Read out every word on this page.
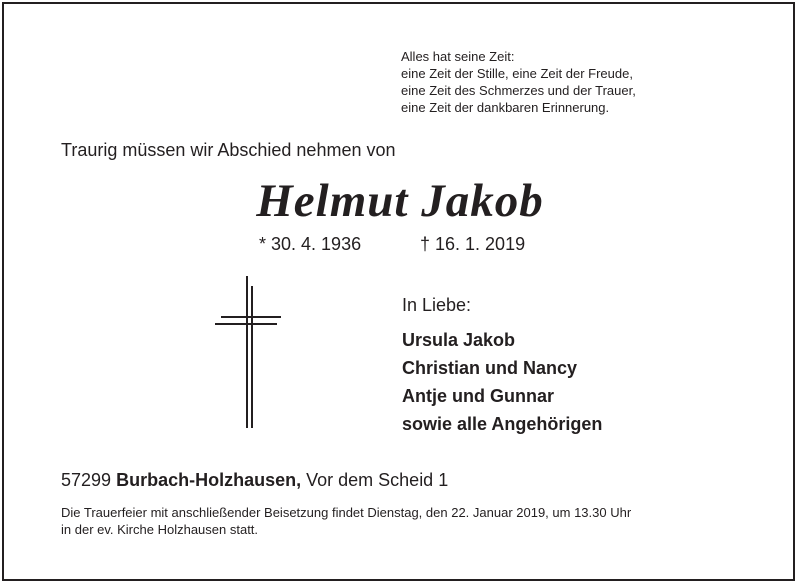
Alles hat seine Zeit:
eine Zeit der Stille, eine Zeit der Freude,
eine Zeit des Schmerzes und der Trauer,
eine Zeit der dankbaren Erinnerung.
Traurig müssen wir Abschied nehmen von
Helmut Jakob
* 30. 4. 1936	† 16. 1. 2019
In Liebe:
Ursula Jakob
Christian und Nancy
Antje und Gunnar
sowie alle Angehörigen
57299 Burbach-Holzhausen, Vor dem Scheid 1
Die Trauerfeier mit anschließender Beisetzung findet Dienstag, den 22. Januar 2019, um 13.30 Uhr
in der ev. Kirche Holzhausen statt.
